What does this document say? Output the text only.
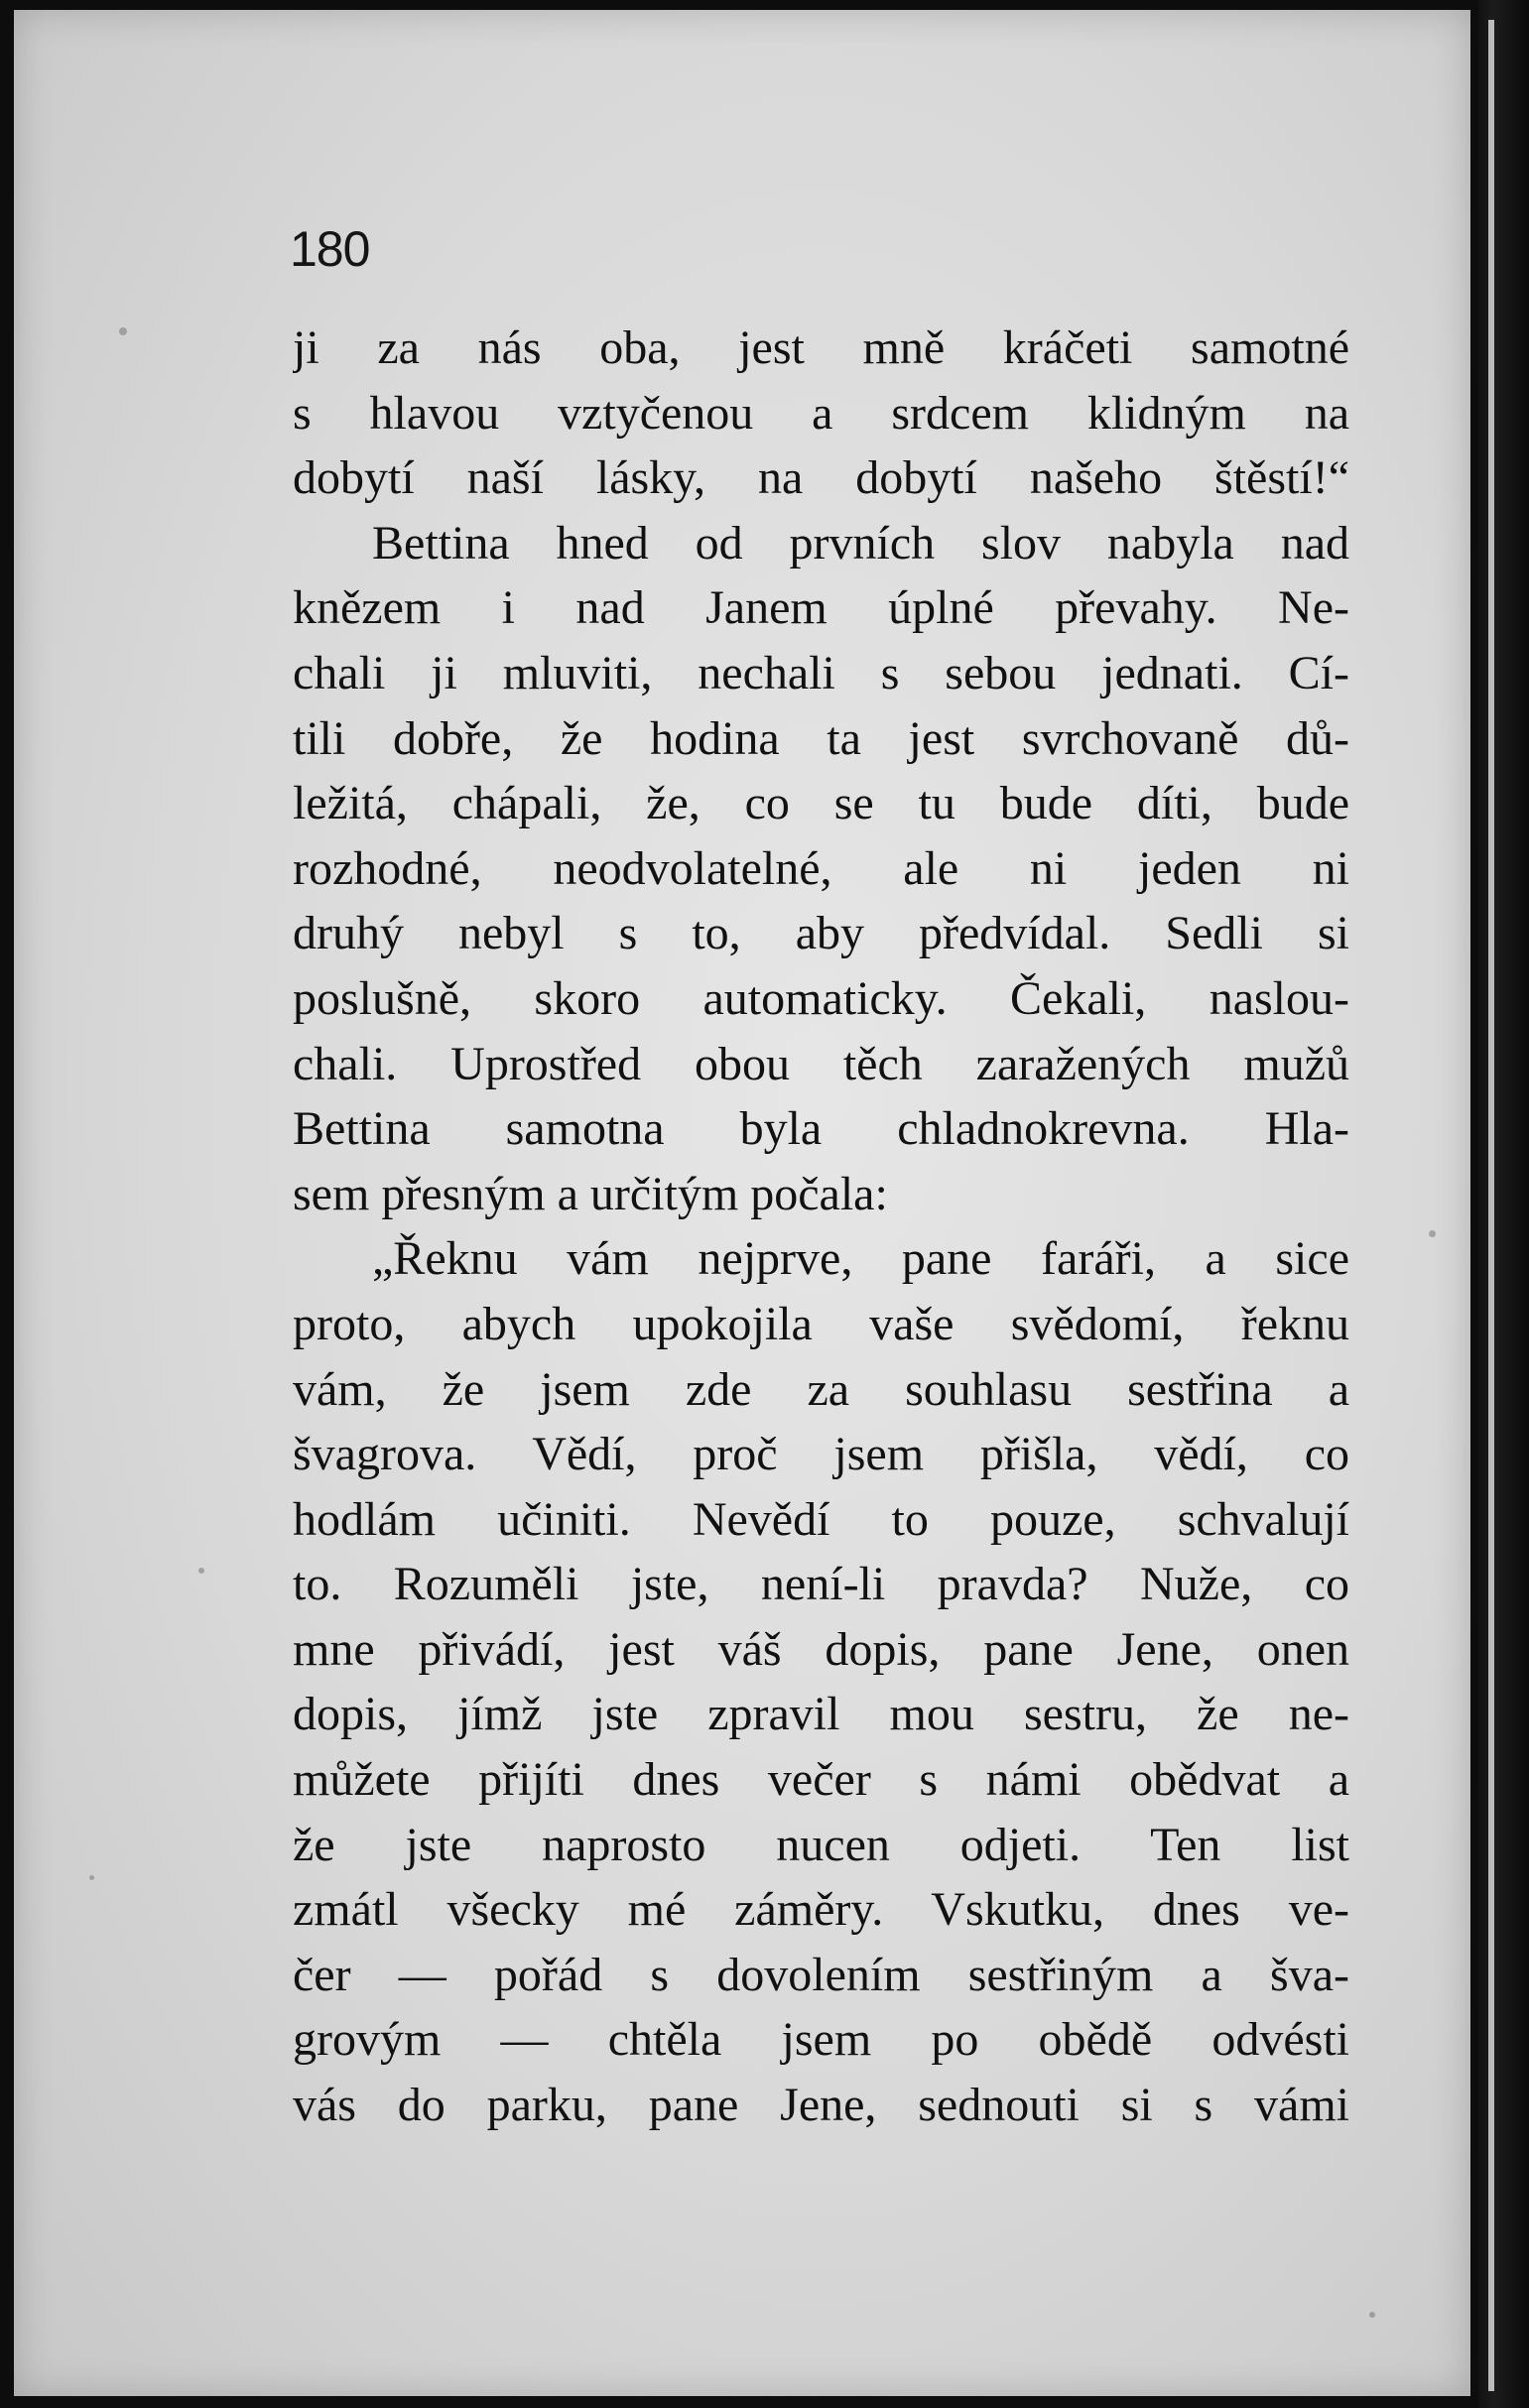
180
ji za nás oba, jest mně kráčeti samotné
s hlavou vztyčenou a srdcem klidným na
dobytí naší lásky, na dobytí našeho štěstí!“
Bettina hned od prvních slov nabyla nad
knězem i nad Janem úplné převahy. Ne-
chali ji mluviti, nechali s sebou jednati. Cí-
tili dobře, že hodina ta jest svrchovaně dů-
ležitá, chápali, že, co se tu bude díti, bude
rozhodné, neodvolatelné, ale ni jeden ni
druhý nebyl s to, aby předvídal. Sedli si
poslušně, skoro automaticky. Čekali, naslou-
chali. Uprostřed obou těch zaražených mužů
Bettina samotna byla chladnokrevna. Hla-
sem přesným a určitým počala:
„Řeknu vám nejprve, pane faráři, a sice
proto, abych upokojila vaše svědomí, řeknu
vám, že jsem zde za souhlasu sestřina a
švagrova. Vědí, proč jsem přišla, vědí, co
hodlám učiniti. Nevědí to pouze, schvalují
to. Rozuměli jste, není-li pravda? Nuže, co
mne přivádí, jest váš dopis, pane Jene, onen
dopis, jímž jste zpravil mou sestru, že ne-
můžete přijíti dnes večer s námi obědvat a
že jste naprosto nucen odjeti. Ten list
zmátl všecky mé záměry. Vskutku, dnes ve-
čer — pořád s dovolením sestřiným a šva-
grovým — chtěla jsem po obědě odvésti
vás do parku, pane Jene, sednouti si s vámi
